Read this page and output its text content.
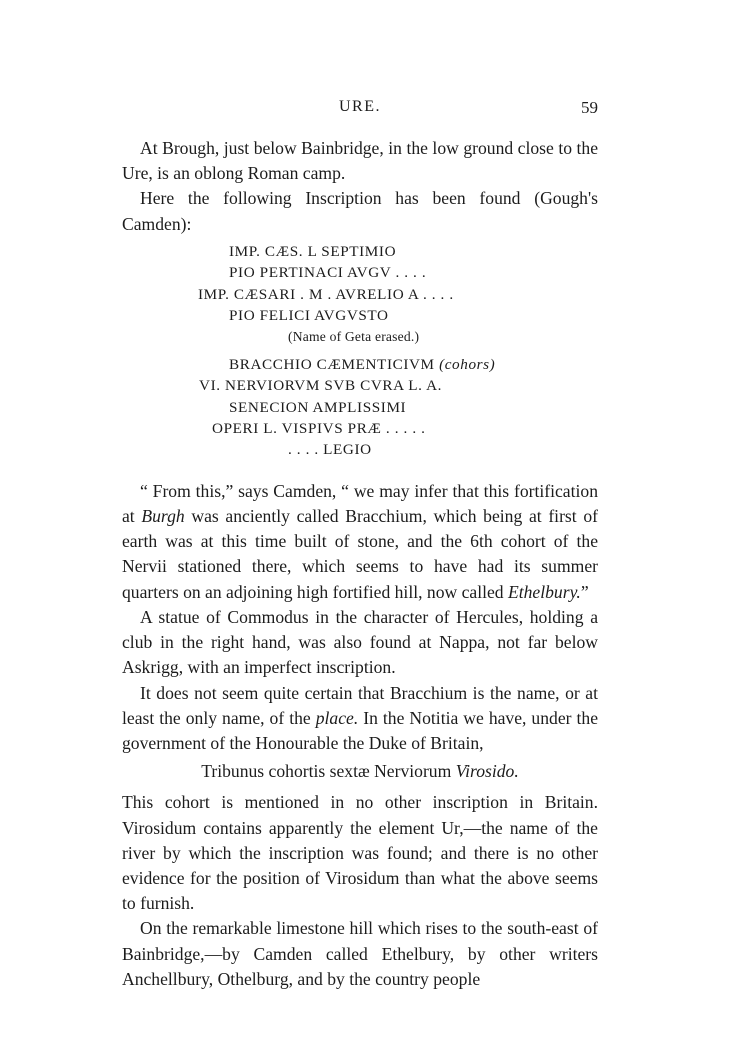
URE.	59

At Brough, just below Bainbridge, in the low ground close to the Ure, is an oblong Roman camp.

Here the following Inscription has been found (Gough's Camden):

IMP. CÆS. L SEPTIMIO
PIO PERTINACI AVGV . . . .
IMP. CÆSARI . M . AVRELIO A . . . .
PIO FELICI AVGVSTO
(Name of Geta erased.)
BRACCHIO CÆMENTICIVM (cohors)
VI. NERVIORVM SVB CVRA L. A.
SENECION AMPLISSIMI
OPERI L. VISPIVS PRÆ . . . . .
. . . . LEGIO

“ From this,” says Camden, “ we may infer that this fortification at Burgh was anciently called Bracchium, which being at first of earth was at this time built of stone, and the 6th cohort of the Nervii stationed there, which seems to have had its summer quarters on an adjoining high fortified hill, now called Ethelbury.”

A statue of Commodus in the character of Hercules, holding a club in the right hand, was also found at Nappa, not far below Askrigg, with an imperfect inscription.

It does not seem quite certain that Bracchium is the name, or at least the only name, of the place. In the Notitia we have, under the government of the Honourable the Duke of Britain,

Tribunus cohortis sextæ Nerviorum Virosido.

This cohort is mentioned in no other inscription in Britain. Virosidum contains apparently the element Ur,—the name of the river by which the inscription was found; and there is no other evidence for the position of Virosidum than what the above seems to furnish.

On the remarkable limestone hill which rises to the south-east of Bainbridge,—by Camden called Ethelbury, by other writers Anchellbury, Othelburg, and by the country people
